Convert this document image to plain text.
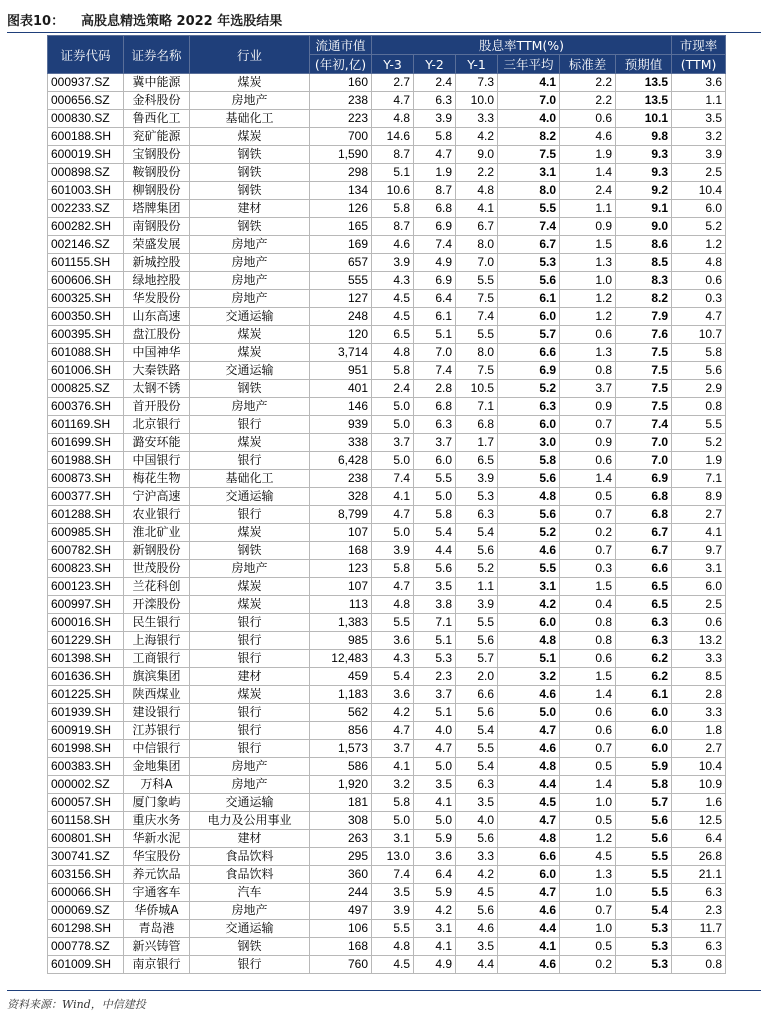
图表10： 高股息精选策略 2022 年选股结果
证券代码	证券名称	行业	流通市值	股息率TTM(%)						市现率
			(年初,亿)	Y-3	Y-2	Y-1	三年平均	标准差	预期值	(TTM)
000937.SZ	冀中能源	煤炭	160	2.7	2.4	7.3	4.1	2.2	13.5	3.6
000656.SZ	金科股份	房地产	238	4.7	6.3	10.0	7.0	2.2	13.5	1.1
000830.SZ	鲁西化工	基础化工	223	4.8	3.9	3.3	4.0	0.6	10.1	3.5
600188.SH	兖矿能源	煤炭	700	14.6	5.8	4.2	8.2	4.6	9.8	3.2
600019.SH	宝钢股份	钢铁	1,590	8.7	4.7	9.0	7.5	1.9	9.3	3.9
000898.SZ	鞍钢股份	钢铁	298	5.1	1.9	2.2	3.1	1.4	9.3	2.5
601003.SH	柳钢股份	钢铁	134	10.6	8.7	4.8	8.0	2.4	9.2	10.4
002233.SZ	塔牌集团	建材	126	5.8	6.8	4.1	5.5	1.1	9.1	6.0
600282.SH	南钢股份	钢铁	165	8.7	6.9	6.7	7.4	0.9	9.0	5.2
002146.SZ	荣盛发展	房地产	169	4.6	7.4	8.0	6.7	1.5	8.6	1.2
601155.SH	新城控股	房地产	657	3.9	4.9	7.0	5.3	1.3	8.5	4.8
600606.SH	绿地控股	房地产	555	4.3	6.9	5.5	5.6	1.0	8.3	0.6
600325.SH	华发股份	房地产	127	4.5	6.4	7.5	6.1	1.2	8.2	0.3
600350.SH	山东高速	交通运输	248	4.5	6.1	7.4	6.0	1.2	7.9	4.7
600395.SH	盘江股份	煤炭	120	6.5	5.1	5.5	5.7	0.6	7.6	10.7
601088.SH	中国神华	煤炭	3,714	4.8	7.0	8.0	6.6	1.3	7.5	5.8
601006.SH	大秦铁路	交通运输	951	5.8	7.4	7.5	6.9	0.8	7.5	5.6
000825.SZ	太钢不锈	钢铁	401	2.4	2.8	10.5	5.2	3.7	7.5	2.9
600376.SH	首开股份	房地产	146	5.0	6.8	7.1	6.3	0.9	7.5	0.8
601169.SH	北京银行	银行	939	5.0	6.3	6.8	6.0	0.7	7.4	5.5
601699.SH	潞安环能	煤炭	338	3.7	3.7	1.7	3.0	0.9	7.0	5.2
601988.SH	中国银行	银行	6,428	5.0	6.0	6.5	5.8	0.6	7.0	1.9
600873.SH	梅花生物	基础化工	238	7.4	5.5	3.9	5.6	1.4	6.9	7.1
600377.SH	宁沪高速	交通运输	328	4.1	5.0	5.3	4.8	0.5	6.8	8.9
601288.SH	农业银行	银行	8,799	4.7	5.8	6.3	5.6	0.7	6.8	2.7
600985.SH	淮北矿业	煤炭	107	5.0	5.4	5.4	5.2	0.2	6.7	4.1
600782.SH	新钢股份	钢铁	168	3.9	4.4	5.6	4.6	0.7	6.7	9.7
600823.SH	世茂股份	房地产	123	5.8	5.6	5.2	5.5	0.3	6.6	3.1
600123.SH	兰花科创	煤炭	107	4.7	3.5	1.1	3.1	1.5	6.5	6.0
600997.SH	开滦股份	煤炭	113	4.8	3.8	3.9	4.2	0.4	6.5	2.5
600016.SH	民生银行	银行	1,383	5.5	7.1	5.5	6.0	0.8	6.3	0.6
601229.SH	上海银行	银行	985	3.6	5.1	5.6	4.8	0.8	6.3	13.2
601398.SH	工商银行	银行	12,483	4.3	5.3	5.7	5.1	0.6	6.2	3.3
601636.SH	旗滨集团	建材	459	5.4	2.3	2.0	3.2	1.5	6.2	8.5
601225.SH	陕西煤业	煤炭	1,183	3.6	3.7	6.6	4.6	1.4	6.1	2.8
601939.SH	建设银行	银行	562	4.2	5.1	5.6	5.0	0.6	6.0	3.3
600919.SH	江苏银行	银行	856	4.7	4.0	5.4	4.7	0.6	6.0	1.8
601998.SH	中信银行	银行	1,573	3.7	4.7	5.5	4.6	0.7	6.0	2.7
600383.SH	金地集团	房地产	586	4.1	5.0	5.4	4.8	0.5	5.9	10.4
000002.SZ	万科A	房地产	1,920	3.2	3.5	6.3	4.4	1.4	5.8	10.9
600057.SH	厦门象屿	交通运输	181	5.8	4.1	3.5	4.5	1.0	5.7	1.6
601158.SH	重庆水务	电力及公用事业	308	5.0	5.0	4.0	4.7	0.5	5.6	12.5
600801.SH	华新水泥	建材	263	3.1	5.9	5.6	4.8	1.2	5.6	6.4
300741.SZ	华宝股份	食品饮料	295	13.0	3.6	3.3	6.6	4.5	5.5	26.8
603156.SH	养元饮品	食品饮料	360	7.4	6.4	4.2	6.0	1.3	5.5	21.1
600066.SH	宇通客车	汽车	244	3.5	5.9	4.5	4.7	1.0	5.5	6.3
000069.SZ	华侨城A	房地产	497	3.9	4.2	5.6	4.6	0.7	5.4	2.3
601298.SH	青岛港	交通运输	106	5.5	3.1	4.6	4.4	1.0	5.3	11.7
000778.SZ	新兴铸管	钢铁	168	4.8	4.1	3.5	4.1	0.5	5.3	6.3
601009.SH	南京银行	银行	760	4.5	4.9	4.4	4.6	0.2	5.3	0.8
资料来源：Wind，中信建投
